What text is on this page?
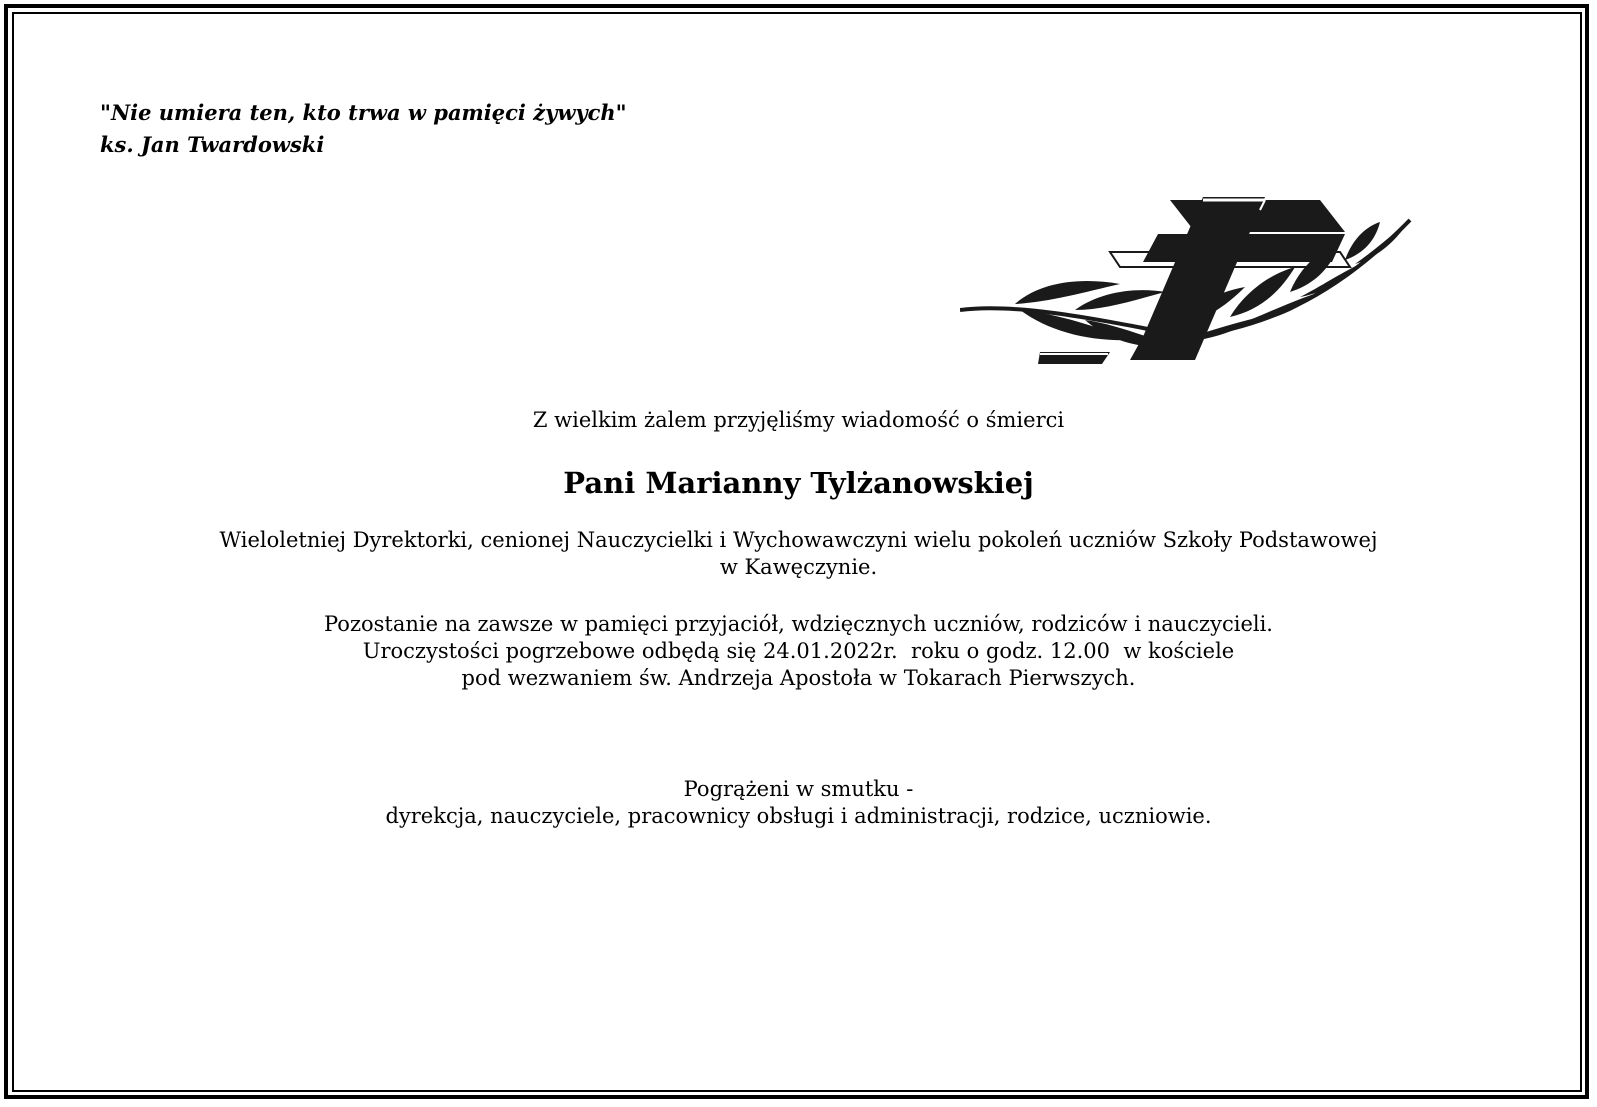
"Nie umiera ten, kto trwa w pamięci żywych"
ks. Jan Twardowski
Z wielkim żalem przyjęliśmy wiadomość o śmierci
Pani Marianny Tylżanowskiej
Wieloletniej Dyrektorki, cenionej Nauczycielki i Wychowawczyni wielu pokoleń uczniów Szkoły Podstawowej
w Kawęczynie.
Pozostanie na zawsze w pamięci przyjaciół, wdzięcznych uczniów, rodziców i nauczycieli.
Uroczystości pogrzebowe odbędą się 24.01.2022r.  roku o godz. 12.00  w kościele
pod wezwaniem św. Andrzeja Apostoła w Tokarach Pierwszych.
Pogrążeni w smutku -
dyrekcja, nauczyciele, pracownicy obsługi i administracji, rodzice, uczniowie.
